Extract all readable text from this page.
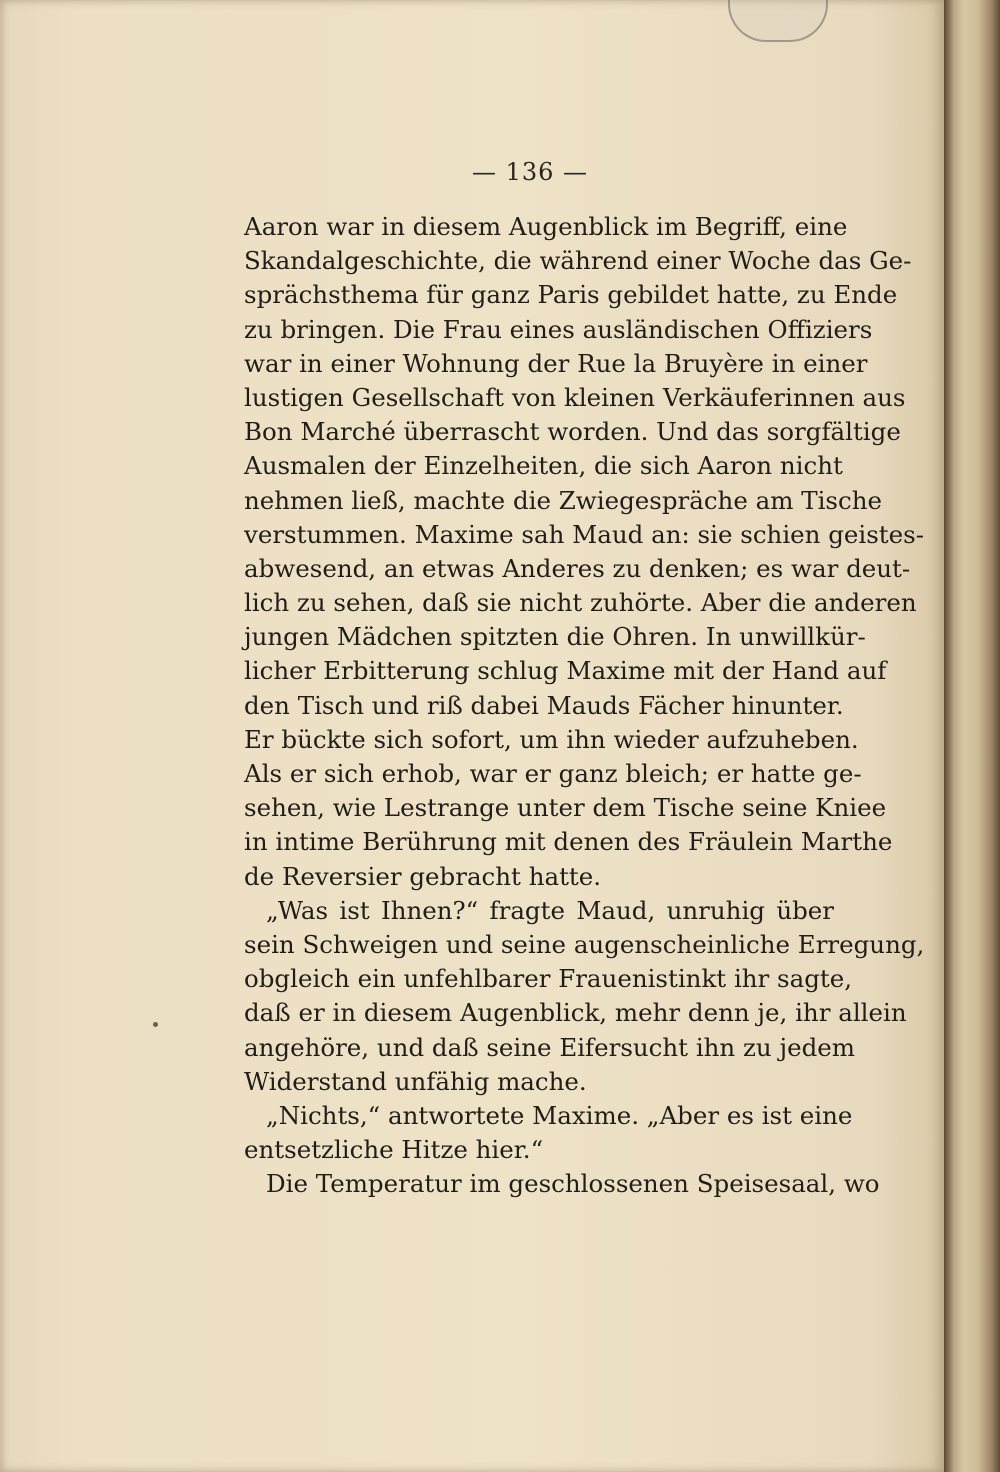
— 136 —
Aaron war in diesem Augenblick im Begriff, eine
Skandalgeschichte, die während einer Woche das Ge-
sprächsthema für ganz Paris gebildet hatte, zu Ende
zu bringen. Die Frau eines ausländischen Offiziers
war in einer Wohnung der Rue la Bruyère in einer
lustigen Gesellschaft von kleinen Verkäuferinnen aus
Bon Marché überrascht worden. Und das sorgfältige
Ausmalen der Einzelheiten, die sich Aaron nicht
nehmen ließ, machte die Zwiegespräche am Tische
verstummen. Maxime sah Maud an: sie schien geistes-
abwesend, an etwas Anderes zu denken; es war deut-
lich zu sehen, daß sie nicht zuhörte. Aber die anderen
jungen Mädchen spitzten die Ohren. In unwillkür-
licher Erbitterung schlug Maxime mit der Hand auf
den Tisch und riß dabei Mauds Fächer hinunter.
Er bückte sich sofort, um ihn wieder aufzuheben.
Als er sich erhob, war er ganz bleich; er hatte ge-
sehen, wie Lestrange unter dem Tische seine Kniee
in intime Berührung mit denen des Fräulein Marthe
de Reversier gebracht hatte.
„Was ist Ihnen?“ fragte Maud, unruhig über
sein Schweigen und seine augenscheinliche Erregung,
obgleich ein unfehlbarer Frauenistinkt ihr sagte,
daß er in diesem Augenblick, mehr denn je, ihr allein
angehöre, und daß seine Eifersucht ihn zu jedem
Widerstand unfähig mache.
„Nichts,“ antwortete Maxime. „Aber es ist eine
entsetzliche Hitze hier.“
Die Temperatur im geschlossenen Speisesaal, wo
